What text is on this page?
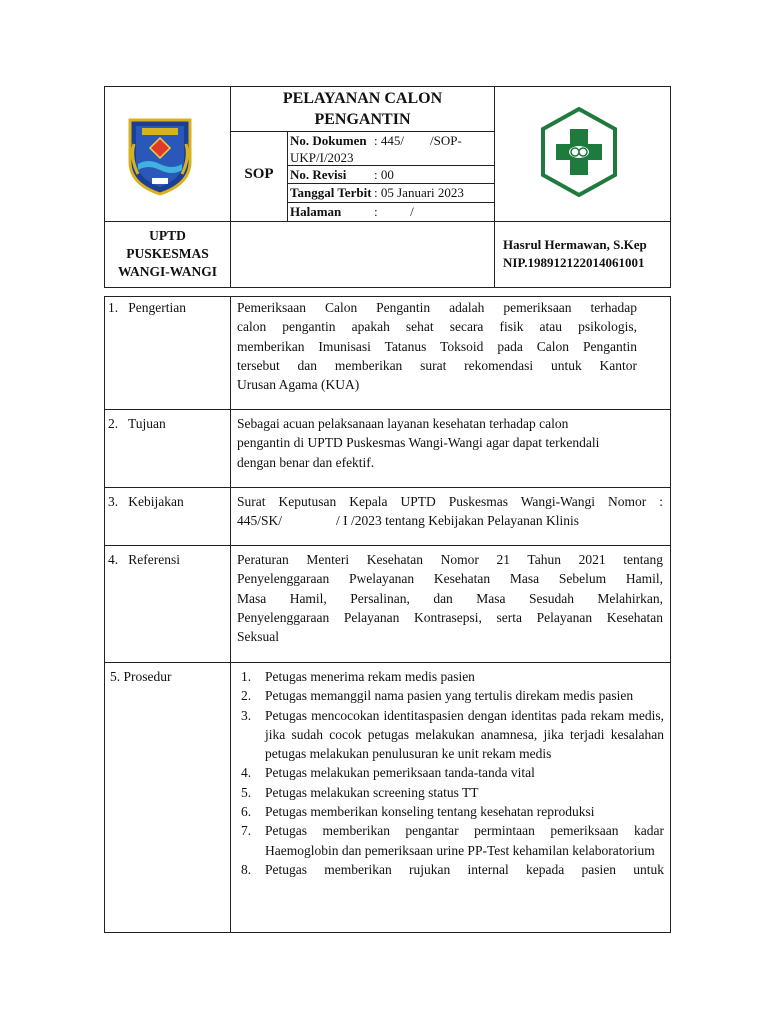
PELAYANAN CALON
PENGANTIN
SOP
No. Dokumen : 445/        /SOP-
UKP/I/2023
No. Revisi : 00
Tanggal Terbit : 05 Januari 2023
Halaman	:          /
UPTD
PUSKESMAS
WANGI-WANGI
Hasrul Hermawan, S.Kep
NIP.198912122014061001
1.   Pengertian	Pemeriksaan Calon Pengantin adalah pemeriksaan terhadap
calon pengantin apakah sehat secara fisik atau psikologis,
memberikan Imunisasi Tatanus Toksoid pada Calon Pengantin
tersebut dan memberikan surat rekomendasi untuk Kantor
Urusan Agama (KUA)
2.   Tujuan	Sebagai acuan pelaksanaan layanan kesehatan terhadap calon
pengantin di UPTD Puskesmas Wangi-Wangi agar dapat terkendali
dengan benar dan efektif.
3.   Kebijakan	Surat Keputusan Kepala UPTD Puskesmas Wangi-Wangi Nomor :
445/SK/                / I /2023 tentang Kebijakan Pelayanan Klinis
4.   Referensi	Peraturan Menteri Kesehatan Nomor 21 Tahun 2021 tentang
Penyelenggaraan Pwelayanan Kesehatan Masa Sebelum Hamil,
Masa Hamil, Persalinan, dan Masa Sesudah Melahirkan,
Penyelenggaraan Pelayanan Kontrasepsi, serta Pelayanan Kesehatan
Seksual
5. Prosedur	1. Petugas menerima rekam medis pasien
2. Petugas memanggil nama pasien yang tertulis direkam medis pasien
3. Petugas mencocokan identitaspasien dengan identitas pada rekam medis, jika sudah cocok petugas melakukan anamnesa, jika terjadi kesalahan petugas melakukan penulusuran ke unit rekam medis
4. Petugas melakukan pemeriksaan tanda-tanda vital
5. Petugas melakukan screening status TT
6. Petugas memberikan konseling tentang kesehatan reproduksi
7. Petugas memberikan pengantar permintaan pemeriksaan kadar Haemoglobin dan pemeriksaan urine PP-Test kehamilan kelaboratorium
8. Petugas memberikan rujukan internal kepada pasien untuk
